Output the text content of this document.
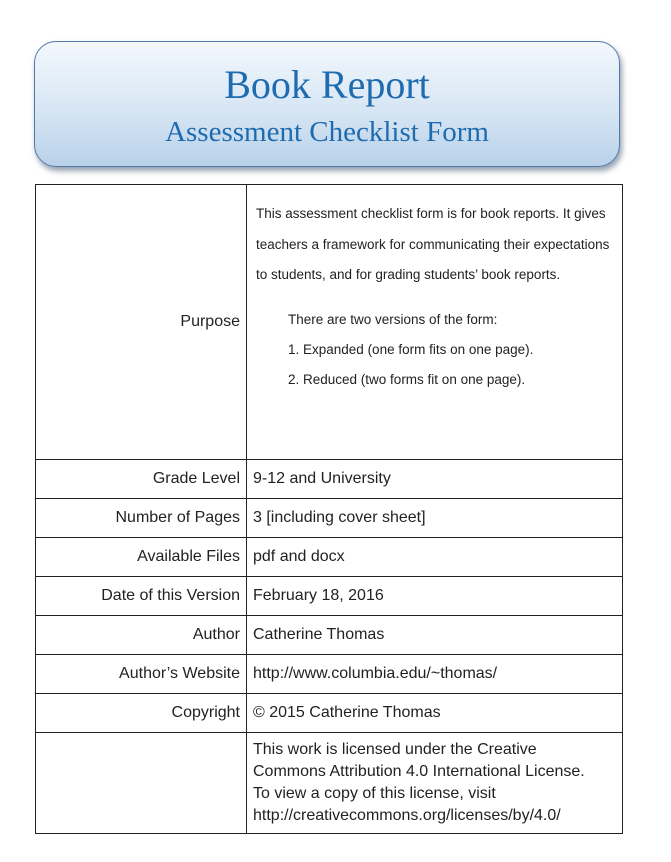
Book Report
Assessment Checklist Form
Purpose	This assessment checklist form is for book reports. It gives teachers a framework for communicating their expectations to students, and for grading students’ book reports.
There are two versions of the form:
1. Expanded (one form fits on one page).
2. Reduced (two forms fit on one page).

Grade Level	9-12 and University
Number of Pages	3 [including cover sheet]
Available Files	pdf and docx
Date of this Version	February 18, 2016
Author	Catherine Thomas
Author’s Website	http://www.columbia.edu/~thomas/
Copyright	© 2015 Catherine Thomas

	This work is licensed under the Creative
Commons Attribution 4.0 International License.
To view a copy of this license, visit
http://creativecommons.org/licenses/by/4.0/
